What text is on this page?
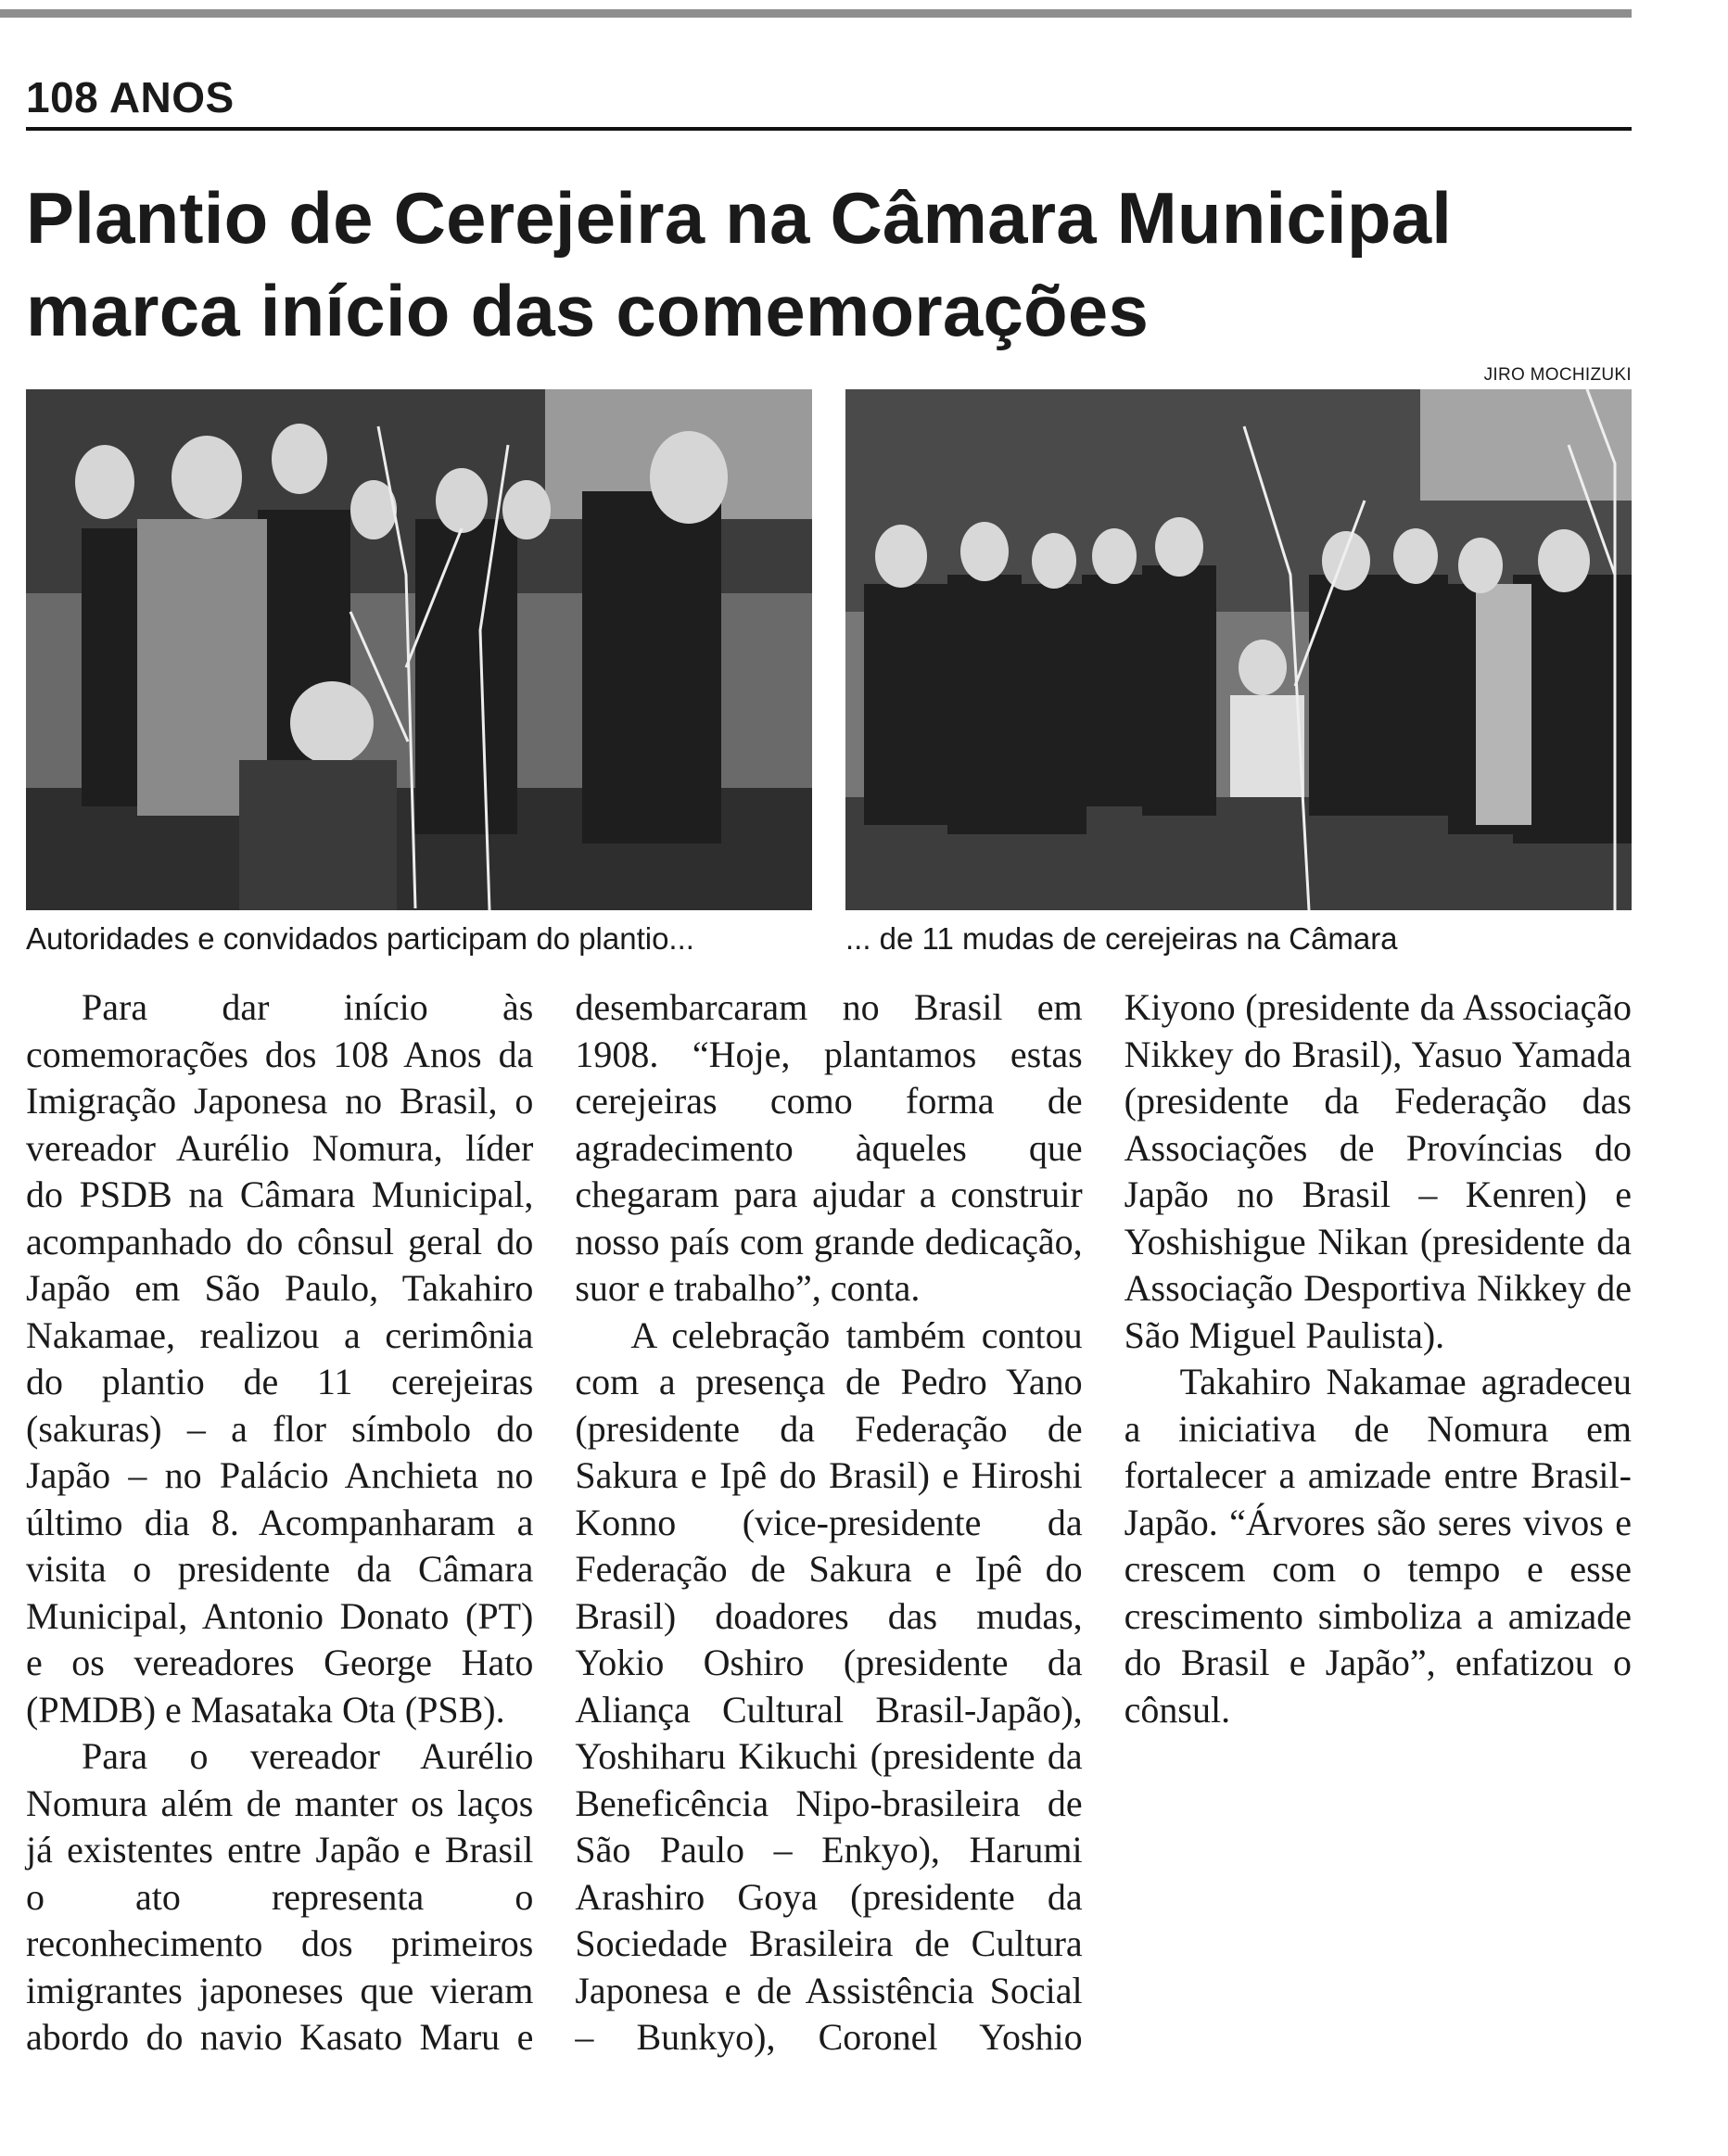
108 ANOS
Plantio de Cerejeira na Câmara Municipal
marca início das comemorações
JIRO MOCHIZUKI
Autoridades e convidados participam do plantio...	... de 11 mudas de cerejeiras na Câmara

Para dar início às comemorações dos 108 Anos da Imigração Japonesa no Brasil, o vereador Aurélio Nomura, líder do PSDB na Câmara Municipal, acompanhado do cônsul geral do Japão em São Paulo, Takahiro Nakamae, realizou a cerimônia do plantio de 11 cerejeiras (sakuras) – a flor símbolo do Japão – no Palácio Anchieta no último dia 8. Acompanharam a visita o presidente da Câmara Municipal, Antonio Donato (PT) e os vereadores George Hato (PMDB) e Masataka Ota (PSB).

Para o vereador Aurélio Nomura além de manter os laços já existentes entre Japão e Brasil o ato representa o reconhecimento dos primeiros imigrantes japoneses que vieram abordo do navio Kasato Maru e desembarcaram no Brasil em 1908. “Hoje, plantamos estas cerejeiras como forma de agradecimento àqueles que chegaram para ajudar a construir nosso país com grande dedicação, suor e trabalho”, conta.

A celebração também contou com a presença de Pedro Yano (presidente da Federação de Sakura e Ipê do Brasil) e Hiroshi Konno (vice-presidente da Federação de Sakura e Ipê do Brasil) doadores das mudas, Yokio Oshiro (presidente da Aliança Cultural Brasil-Japão), Yoshiharu Kikuchi (presidente da Beneficência Nipo-brasileira de São Paulo – Enkyo), Harumi Arashiro Goya (presidente da Sociedade Brasileira de Cultura Japonesa e de Assistência Social – Bunkyo), Coronel Yoshio Kiyono (presidente da Associação Nikkey do Brasil), Yasuo Yamada (presidente da Federação das Associações de Províncias do Japão no Brasil – Kenren) e Yoshishigue Nikan (presidente da Associação Desportiva Nikkey de São Miguel Paulista).

Takahiro Nakamae agradeceu a iniciativa de Nomura em fortalecer a amizade entre Brasil-Japão. “Árvores são seres vivos e crescem com o tempo e esse crescimento simboliza a amizade do Brasil e Japão”, enfatizou o cônsul.
